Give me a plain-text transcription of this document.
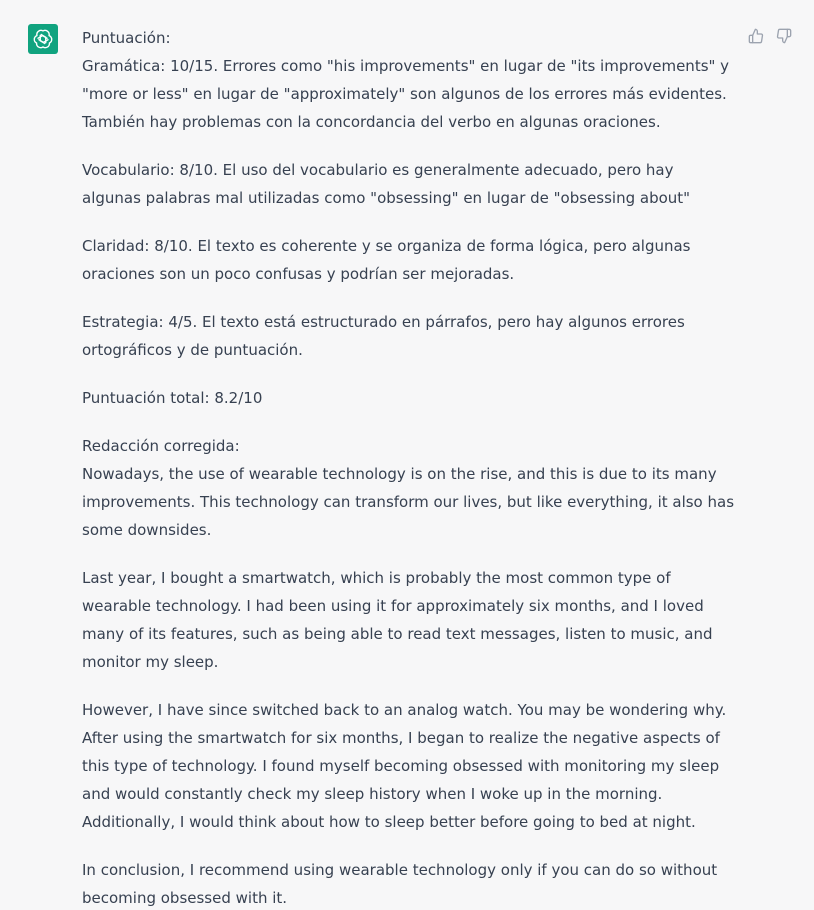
Puntuación:
Gramática: 10/15. Errores como "his improvements" en lugar de "its improvements" y "more or less" en lugar de "approximately" son algunos de los errores más evidentes. También hay problemas con la concordancia del verbo en algunas oraciones.

Vocabulario: 8/10. El uso del vocabulario es generalmente adecuado, pero hay algunas palabras mal utilizadas como "obsessing" en lugar de "obsessing about"

Claridad: 8/10. El texto es coherente y se organiza de forma lógica, pero algunas oraciones son un poco confusas y podrían ser mejoradas.

Estrategia: 4/5. El texto está estructurado en párrafos, pero hay algunos errores ortográficos y de puntuación.

Puntuación total: 8.2/10

Redacción corregida:
Nowadays, the use of wearable technology is on the rise, and this is due to its many improvements. This technology can transform our lives, but like everything, it also has some downsides.

Last year, I bought a smartwatch, which is probably the most common type of wearable technology. I had been using it for approximately six months, and I loved many of its features, such as being able to read text messages, listen to music, and monitor my sleep.

However, I have since switched back to an analog watch. You may be wondering why. After using the smartwatch for six months, I began to realize the negative aspects of this type of technology. I found myself becoming obsessed with monitoring my sleep and would constantly check my sleep history when I woke up in the morning. Additionally, I would think about how to sleep better before going to bed at night.

In conclusion, I recommend using wearable technology only if you can do so without becoming obsessed with it.
